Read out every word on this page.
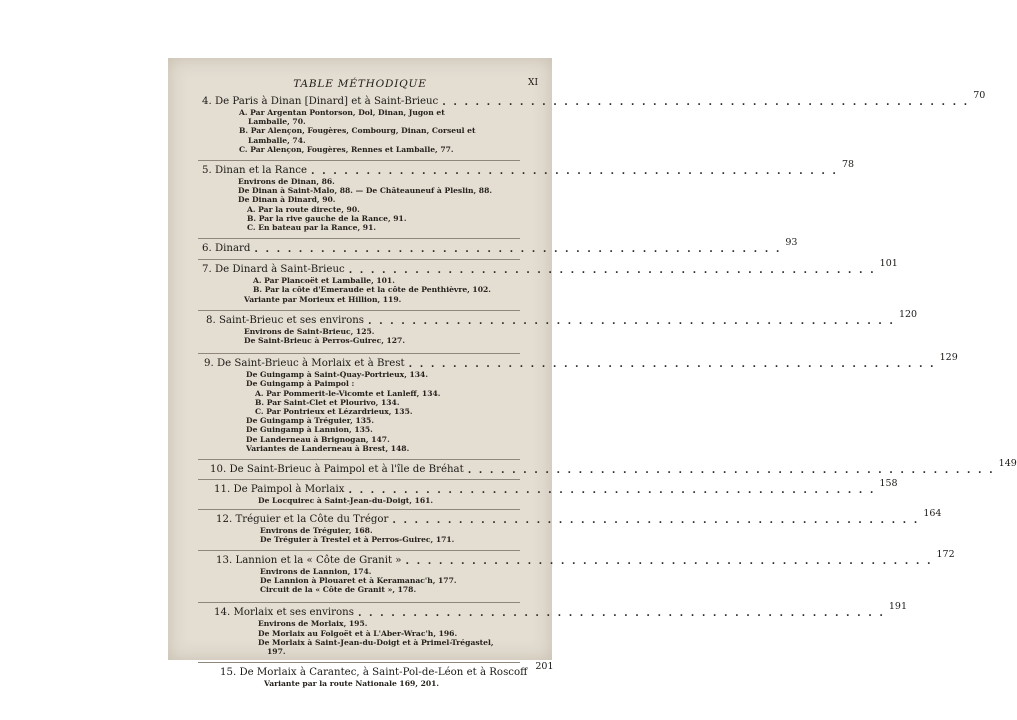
TABLE MÉTHODIQUE	XI
4. De Paris à Dinan [Dinard] et à Saint-Brieuc
. . .
70
A. Par Argentan Pontorson, Dol, Dinan, Jugon et
Lamballe, 70.
B. Par Alençon, Fougères, Combourg, Dinan, Corseul et
Lamballe, 74.
C. Par Alençon, Fougères, Rennes et Lamballe, 77.
5. Dinan et la Rance
. . .
78
Environs de Dinan, 86.
De Dinan à Saint-Malo, 88. — De Châteauneuf à Pleslin, 88.
De Dinan à Dinard, 90.
A. Par la route directe, 90.
B. Par la rive gauche de la Rance, 91.
C. En bateau par la Rance, 91.
6. Dinard
. . .
93
7. De Dinard à Saint-Brieuc
. . .
101
A. Par Plancoët et Lamballe, 101.
B. Par la côte d'Emeraude et la côte de Penthièvre, 102.
Variante par Morieux et Hillion, 119.
8. Saint-Brieuc et ses environs
. . .
120
Environs de Saint-Brieuc, 125.
De Saint-Brieuc à Perros-Guirec, 127.
9. De Saint-Brieuc à Morlaix et à Brest
. . .
129
De Guingamp à Saint-Quay-Portrieux, 134.
De Guingamp à Paimpol :
A. Par Pommerit-le-Vicomte et Lanleff, 134.
B. Par Saint-Clet et Plourivo, 134.
C. Par Pontrieux et Lézardrieux, 135.
De Guingamp à Tréguier, 135.
De Guingamp à Lannion, 135.
De Landerneau à Brignogan, 147.
Variantes de Landerneau à Brest, 148.
10. De Saint-Brieuc à Paimpol et à l'île de Bréhat
. . .
149
11. De Paimpol à Morlaix
. . .
158
De Locquirec à Saint-Jean-du-Doigt, 161.
12. Tréguier et la Côte du Trégor
. . .
164
Environs de Tréguier, 168.
De Tréguier à Trestel et à Perros-Guirec, 171.
13. Lannion et la « Côte de Granit »
. . .
172
Environs de Lannion, 174.
De Lannion à Plouaret et à Keramanac'h, 177.
Circuit de la « Côte de Granit », 178.
14. Morlaix et ses environs
. . .
191
Environs de Morlaix, 195.
De Morlaix au Folgoët et à L'Aber-Wrac'h, 196.
De Morlaix à Saint-Jean-du-Doigt et à Primel-Trégastel,
197.
15. De Morlaix à Carantec, à Saint-Pol-de-Léon et à Roscoff
201
Variante par la route Nationale 169, 201.
